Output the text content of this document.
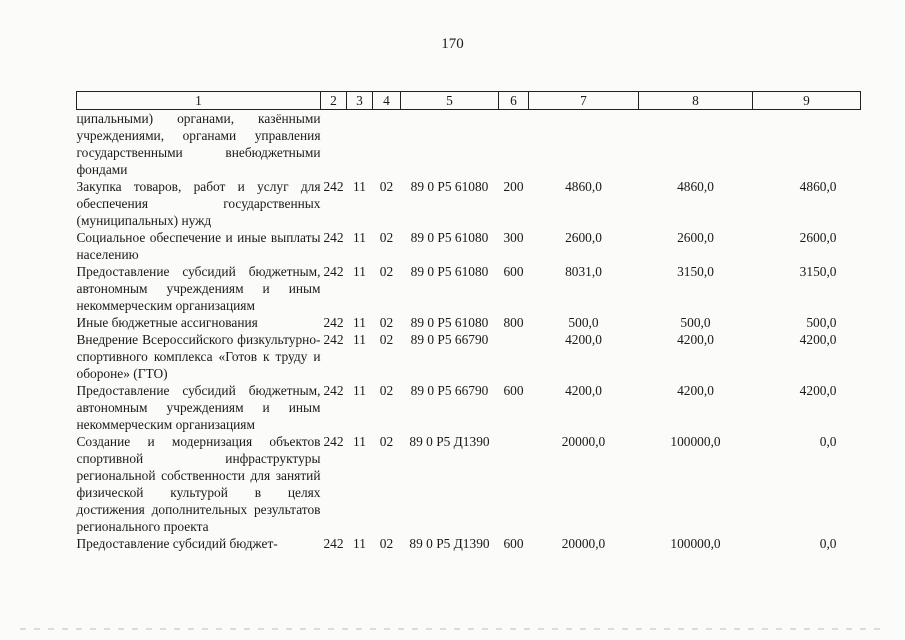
170
1	2	3	4	5	6	7	8	9
ципальными) органами, казёнными учреждениями, органами управления государственными внебюджетными фондами								
Закупка товаров, работ и услуг для обеспечения государственных (муниципальных) нужд	242	11	02	89 0 P5 61080	200	4860,0	4860,0	4860,0
Социальное обеспечение и иные выплаты населению	242	11	02	89 0 P5 61080	300	2600,0	2600,0	2600,0
Предоставление субсидий бюджетным, автономным учреждениям и иным некоммерческим организациям	242	11	02	89 0 P5 61080	600	8031,0	3150,0	3150,0
Иные бюджетные ассигнования	242	11	02	89 0 P5 61080	800	500,0	500,0	500,0
Внедрение Всероссийского физкультурно-спортивного комплекса «Готов к труду и обороне» (ГТО)	242	11	02	89 0 P5 66790		4200,0	4200,0	4200,0
Предоставление субсидий бюджетным, автономным учреждениям и иным некоммерческим организациям	242	11	02	89 0 P5 66790	600	4200,0	4200,0	4200,0
Создание и модернизация объектов спортивной инфраструктуры региональной собственности для занятий физической культурой в целях достижения дополнительных результатов регионального проекта	242	11	02	89 0 P5 Д1390		20000,0	100000,0	0,0
Предоставление субсидий бюджет-	242	11	02	89 0 P5 Д1390	600	20000,0	100000,0	0,0
